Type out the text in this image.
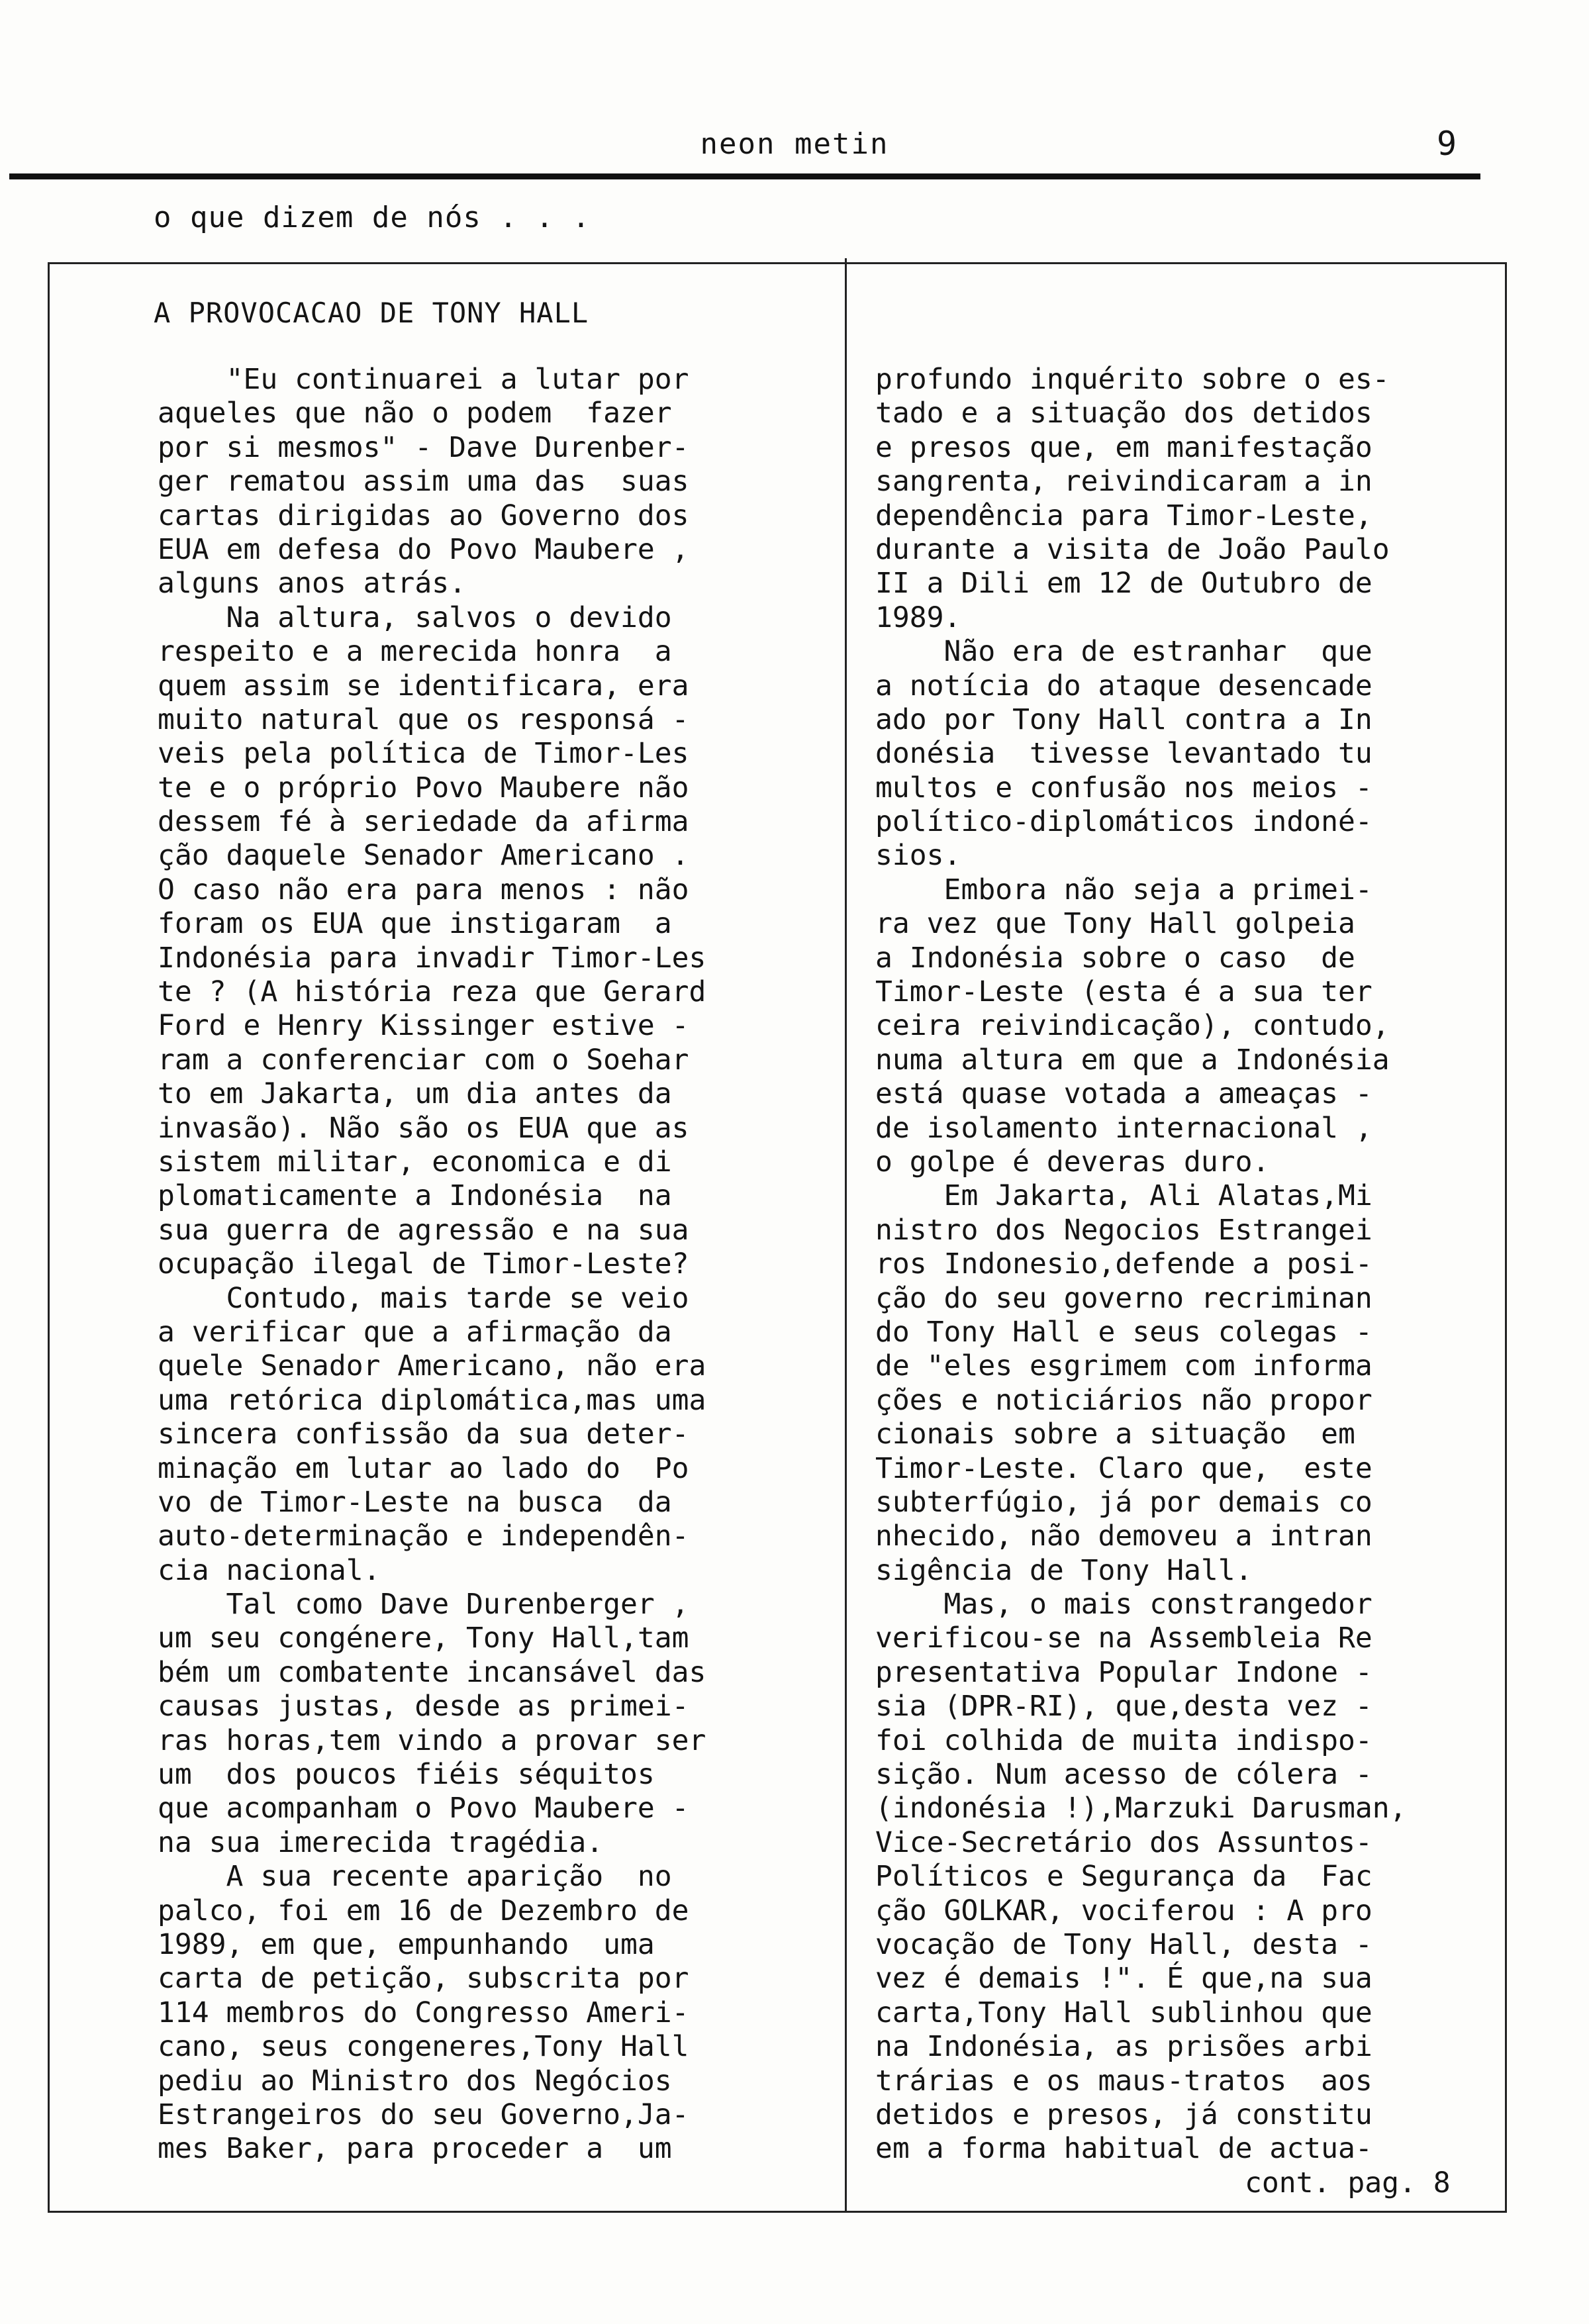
neon metin	9
o que dizem de nós . . .
A PROVOCACAO DE TONY HALL
"Eu continuarei a lutar por
aqueles que não o podem  fazer
por si mesmos" - Dave Durenber-
ger rematou assim uma das  suas
cartas dirigidas ao Governo dos
EUA em defesa do Povo Maubere ,
alguns anos atrás.
Na altura, salvos o devido
respeito e a merecida honra  a
quem assim se identificara, era
muito natural que os responsá -
veis pela política de Timor-Les
te e o próprio Povo Maubere não
dessem fé à seriedade da afirma
ção daquele Senador Americano .
O caso não era para menos : não
foram os EUA que instigaram  a
Indonésia para invadir Timor-Les
te ? (A história reza que Gerard
Ford e Henry Kissinger estive -
ram a conferenciar com o Soehar
to em Jakarta, um dia antes da
invasão). Não são os EUA que as
sistem militar, economica e di
plomaticamente a Indonésia  na
sua guerra de agressão e na sua
ocupação ilegal de Timor-Leste?
Contudo, mais tarde se veio
a verificar que a afirmação da
quele Senador Americano, não era
uma retórica diplomática,mas uma
sincera confissão da sua deter-
minação em lutar ao lado do  Po
vo de Timor-Leste na busca  da
auto-determinação e independên-
cia nacional.
Tal como Dave Durenberger ,
um seu congénere, Tony Hall,tam
bém um combatente incansável das
causas justas, desde as primei-
ras horas,tem vindo a provar ser
um  dos poucos fiéis séquitos
que acompanham o Povo Maubere -
na sua imerecida tragédia.
A sua recente aparição  no
palco, foi em 16 de Dezembro de
1989, em que, empunhando  uma
carta de petição, subscrita por
114 membros do Congresso Ameri-
cano, seus congeneres,Tony Hall
pediu ao Ministro dos Negócios
Estrangeiros do seu Governo,Ja-
mes Baker, para proceder a  um
profundo inquérito sobre o es-
tado e a situação dos detidos
e presos que, em manifestação
sangrenta, reivindicaram a in
dependência para Timor-Leste,
durante a visita de João Paulo
II a Dili em 12 de Outubro de
1989.
Não era de estranhar  que
a notícia do ataque desencade
ado por Tony Hall contra a In
donésia  tivesse levantado tu
multos e confusão nos meios -
político-diplomáticos indoné-
sios.
Embora não seja a primei-
ra vez que Tony Hall golpeia
a Indonésia sobre o caso  de
Timor-Leste (esta é a sua ter
ceira reivindicação), contudo,
numa altura em que a Indonésia
está quase votada a ameaças -
de isolamento internacional ,
o golpe é deveras duro.
Em Jakarta, Ali Alatas,Mi
nistro dos Negocios Estrangei
ros Indonesio,defende a posi-
ção do seu governo recriminan
do Tony Hall e seus colegas -
de "eles esgrimem com informa
ções e noticiários não propor
cionais sobre a situação  em
Timor-Leste. Claro que,  este
subterfúgio, já por demais co
nhecido, não demoveu a intran
sigência de Tony Hall.
Mas, o mais constrangedor
verificou-se na Assembleia Re
presentativa Popular Indone -
sia (DPR-RI), que,desta vez -
foi colhida de muita indispo-
sição. Num acesso de cólera -
(indonésia !),Marzuki Darusman,
Vice-Secretário dos Assuntos-
Políticos e Segurança da  Fac
ção GOLKAR, vociferou : A pro
vocação de Tony Hall, desta -
vez é demais !". É que,na sua
carta,Tony Hall sublinhou que
na Indonésia, as prisões arbi
trárias e os maus-tratos  aos
detidos e presos, já constitu
em a forma habitual de actua-
cont. pag. 8
